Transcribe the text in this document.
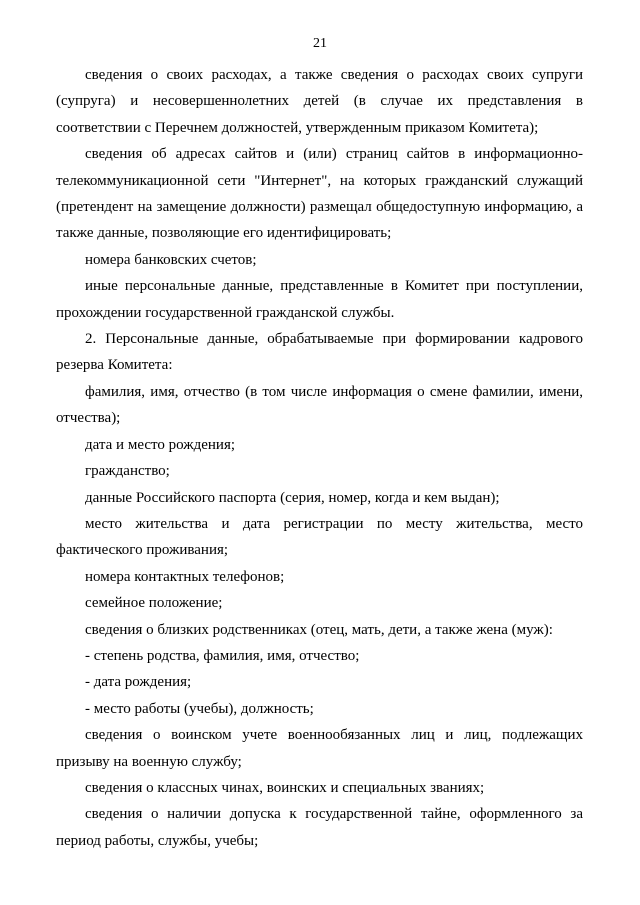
21

сведения о своих расходах, а также сведения о расходах своих супруги (супруга) и несовершеннолетних детей (в случае их представления в соответствии с Перечнем должностей, утвержденным приказом Комитета);

сведения об адресах сайтов и (или) страниц сайтов в информационно-телекоммуникационной сети "Интернет", на которых гражданский служащий (претендент на замещение должности) размещал общедоступную информацию, а также данные, позволяющие его идентифицировать;

номера банковских счетов;

иные персональные данные, представленные в Комитет при поступлении, прохождении государственной гражданской службы.

2. Персональные данные, обрабатываемые при формировании кадрового резерва Комитета:

фамилия, имя, отчество (в том числе информация о смене фамилии, имени, отчества);

дата и место рождения;

гражданство;

данные Российского паспорта (серия, номер, когда и кем выдан);

место жительства и дата регистрации по месту жительства, место фактического проживания;

номера контактных телефонов;

семейное положение;

сведения о близких родственниках (отец, мать, дети, а также жена (муж):

- степень родства, фамилия, имя, отчество;

- дата рождения;

- место работы (учебы), должность;

сведения о воинском учете военнообязанных лиц и лиц, подлежащих призыву на военную службу;

сведения о классных чинах, воинских и специальных званиях;

сведения о наличии допуска к государственной тайне, оформленного за период работы, службы, учебы;
